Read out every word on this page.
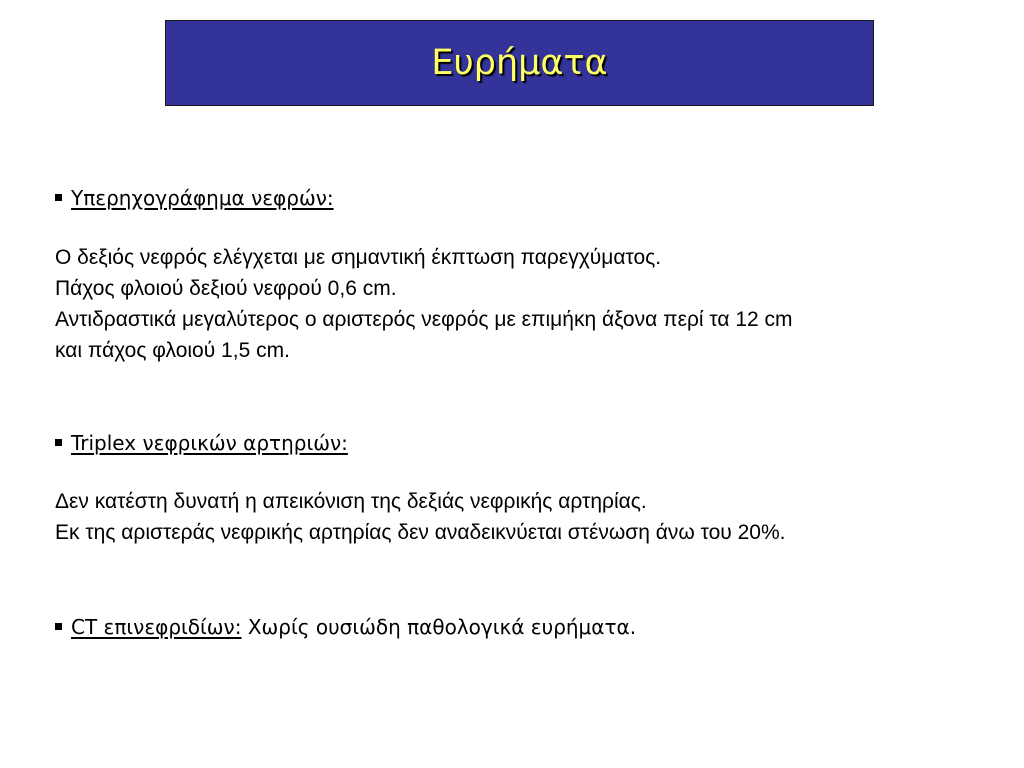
Ευρήματα
Υπερηχογράφημα νεφρών:
Ο δεξιός νεφρός ελέγχεται με σημαντική έκπτωση παρεγχύματος.
Πάχος φλοιού δεξιού νεφρού 0,6 cm.
Αντιδραστικά μεγαλύτερος ο αριστερός νεφρός με επιμήκη άξονα περί τα 12 cm
και πάχος φλοιού 1,5 cm.
Triplex νεφρικών αρτηριών:
Δεν κατέστη δυνατή η απεικόνιση της δεξιάς νεφρικής αρτηρίας.
Εκ της αριστεράς νεφρικής αρτηρίας δεν αναδεικνύεται στένωση άνω του 20%.
CT επινεφριδίων: Χωρίς ουσιώδη παθολογικά ευρήματα.
